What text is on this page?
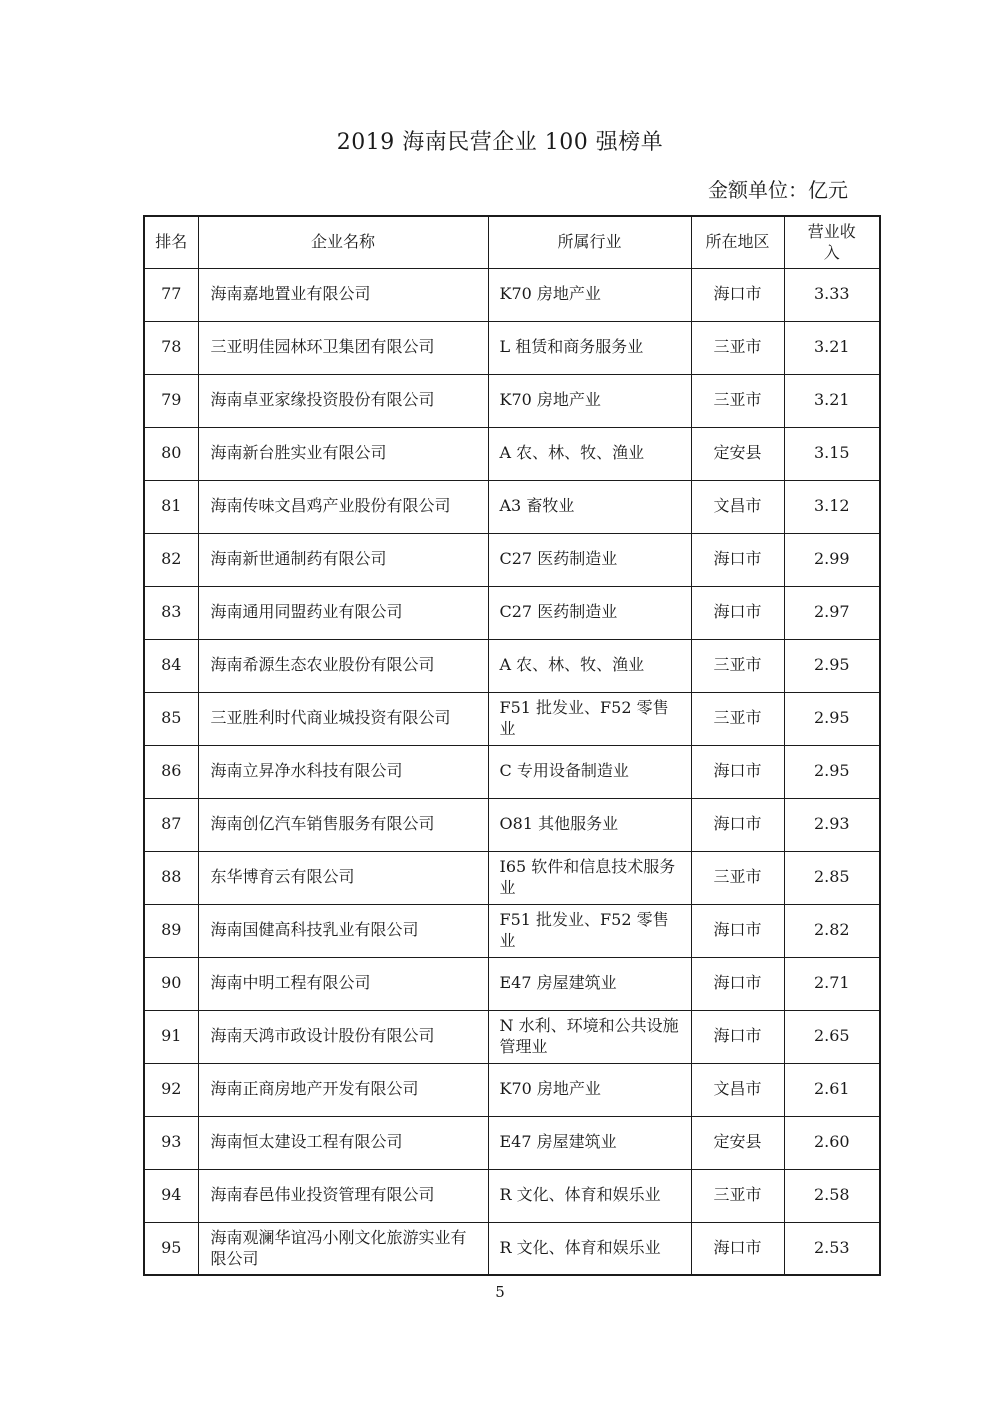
2019 海南民营企业 100 强榜单
金额单位：亿元
排名	企业名称	所属行业	所在地区	营业收入
77	海南嘉地置业有限公司	K70 房地产业	海口市	3.33
78	三亚明佳园林环卫集团有限公司	L 租赁和商务服务业	三亚市	3.21
79	海南卓亚家缘投资股份有限公司	K70 房地产业	三亚市	3.21
80	海南新台胜实业有限公司	A 农、林、牧、渔业	定安县	3.15
81	海南传味文昌鸡产业股份有限公司	A3 畜牧业	文昌市	3.12
82	海南新世通制药有限公司	C27 医药制造业	海口市	2.99
83	海南通用同盟药业有限公司	C27 医药制造业	海口市	2.97
84	海南希源生态农业股份有限公司	A 农、林、牧、渔业	三亚市	2.95
85	三亚胜利时代商业城投资有限公司	F51 批发业、F52 零售业	三亚市	2.95
86	海南立昇净水科技有限公司	C 专用设备制造业	海口市	2.95
87	海南创亿汽车销售服务有限公司	O81 其他服务业	海口市	2.93
88	东华博育云有限公司	I65 软件和信息技术服务业	三亚市	2.85
89	海南国健高科技乳业有限公司	F51 批发业、F52 零售业	海口市	2.82
90	海南中明工程有限公司	E47 房屋建筑业	海口市	2.71
91	海南天鸿市政设计股份有限公司	N 水利、环境和公共设施管理业	海口市	2.65
92	海南正商房地产开发有限公司	K70 房地产业	文昌市	2.61
93	海南恒太建设工程有限公司	E47 房屋建筑业	定安县	2.60
94	海南春邑伟业投资管理有限公司	R 文化、体育和娱乐业	三亚市	2.58
95	海南观澜华谊冯小刚文化旅游实业有限公司	R 文化、体育和娱乐业	海口市	2.53
5
